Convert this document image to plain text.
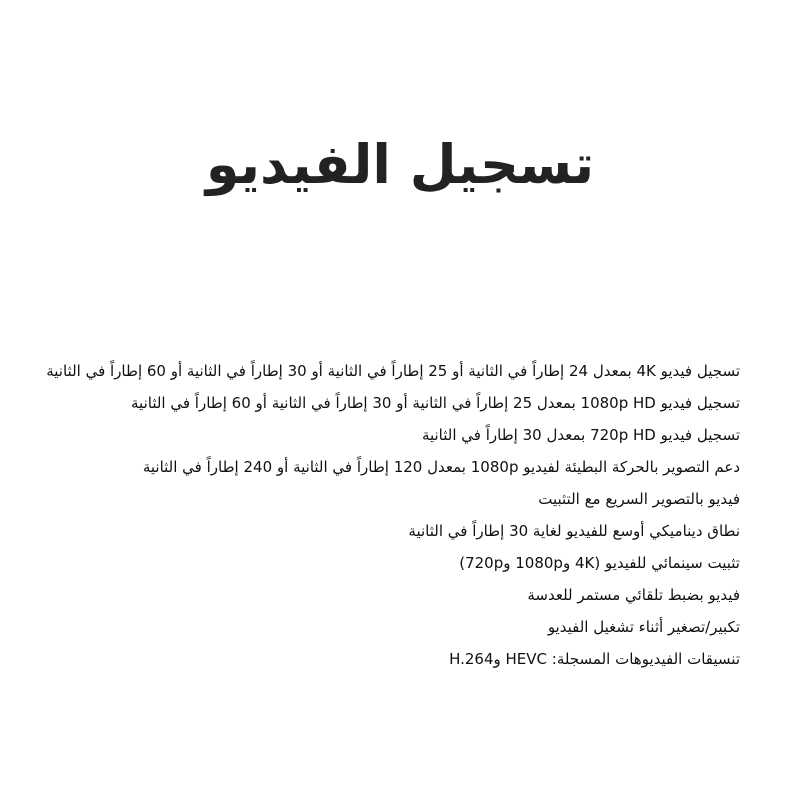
تسجيل الفيديو
تسجيل فيديو 4K بمعدل 24 إطاراً في الثانية أو 25 إطاراً في الثانية أو 30 إطاراً في الثانية أو 60 إطاراً في الثانية
تسجيل فيديو 1080p HD بمعدل 25 إطاراً في الثانية أو 30 إطاراً في الثانية أو 60 إطاراً في الثانية
تسجيل فيديو 720p HD بمعدل 30 إطاراً في الثانية
دعم التصوير بالحركة البطيئة لفيديو 1080p بمعدل 120 إطاراً في الثانية أو 240 إطاراً في الثانية
فيديو بالتصوير السريع مع التثبيت
نطاق ديناميكي أوسع للفيديو لغاية 30 إطاراً في الثانية
تثبيت سينمائي للفيديو (4K و1080p و720p)
فيديو بضبط تلقائي مستمر للعدسة
تكبير/تصغير أثناء تشغيل الفيديو
تنسيقات الفيديوهات المسجلة: HEVC وH.264
